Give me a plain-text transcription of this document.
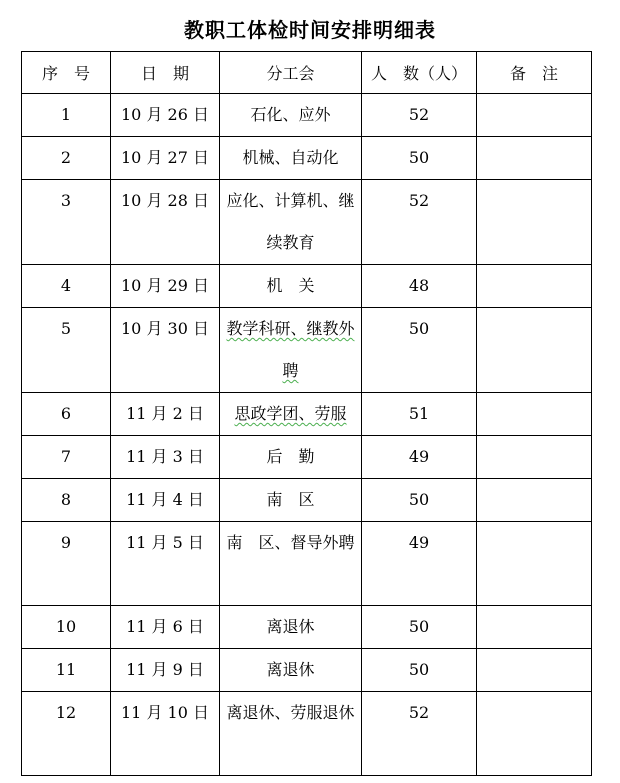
教职工体检时间安排明细表
序　号	日　期	分工会	人　数（人）	备　注
1	10 月 26 日	石化、应外	52	
2	10 月 27 日	机械、自动化	50	
3	10 月 28 日	应化、计算机、继续教育	52	
4	10 月 29 日	机　关	48	
5	10 月 30 日	教学科研、继教外聘	50	
6	11 月 2 日	思政学团、劳服	51	
7	11 月 3 日	后　勤	49	
8	11 月 4 日	南　区	50	
9	11 月 5 日	南　区、督导外聘	49	
10	11 月 6 日	离退休	50	
11	11 月 9 日	离退休	50	
12	11 月 10 日	离退休、劳服退休	52	
